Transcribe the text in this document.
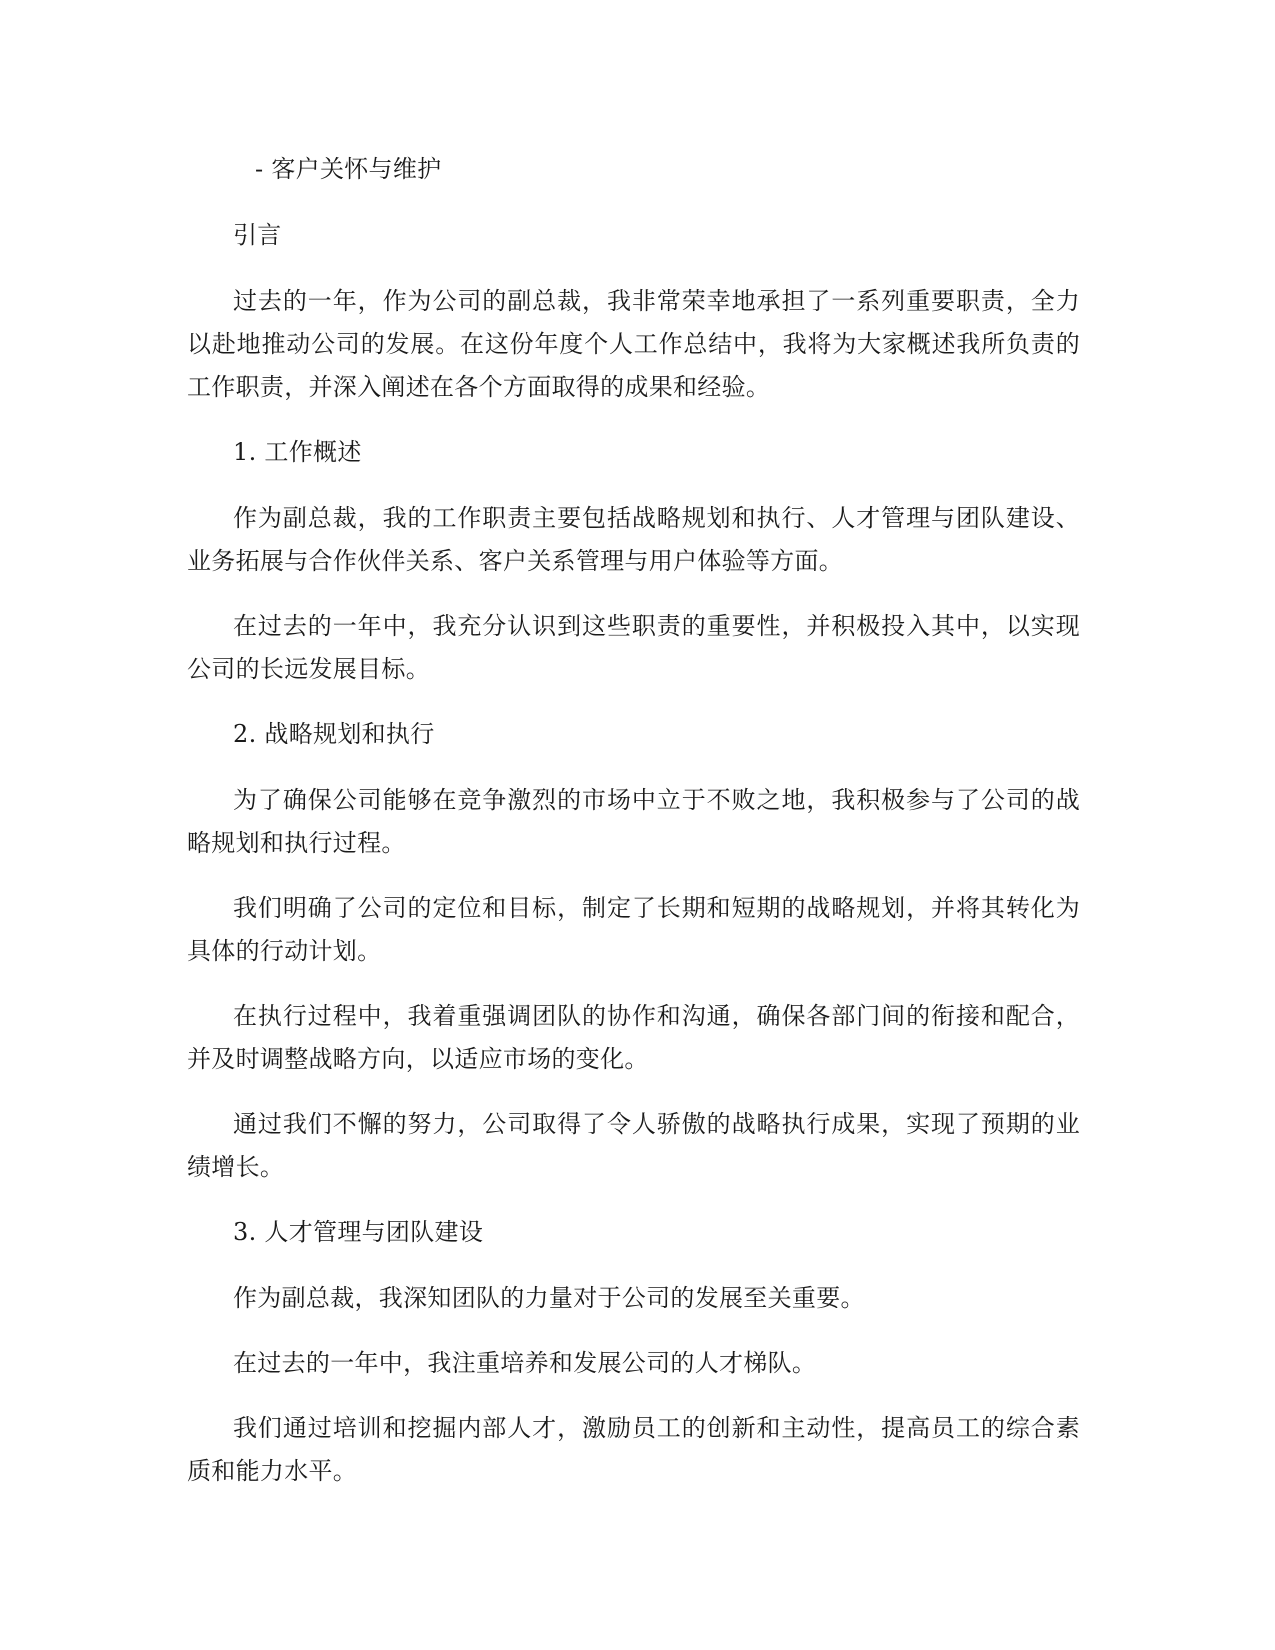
- 客户关怀与维护

引言

过去的一年，作为公司的副总裁，我非常荣幸地承担了一系列重要职责，全力以赴地推动公司的发展。在这份年度个人工作总结中，我将为大家概述我所负责的工作职责，并深入阐述在各个方面取得的成果和经验。

1. 工作概述

作为副总裁，我的工作职责主要包括战略规划和执行、人才管理与团队建设、业务拓展与合作伙伴关系、客户关系管理与用户体验等方面。

在过去的一年中，我充分认识到这些职责的重要性，并积极投入其中，以实现公司的长远发展目标。

2. 战略规划和执行

为了确保公司能够在竞争激烈的市场中立于不败之地，我积极参与了公司的战略规划和执行过程。

我们明确了公司的定位和目标，制定了长期和短期的战略规划，并将其转化为具体的行动计划。

在执行过程中，我着重强调团队的协作和沟通，确保各部门间的衔接和配合，并及时调整战略方向，以适应市场的变化。

通过我们不懈的努力，公司取得了令人骄傲的战略执行成果，实现了预期的业绩增长。

3. 人才管理与团队建设

作为副总裁，我深知团队的力量对于公司的发展至关重要。

在过去的一年中，我注重培养和发展公司的人才梯队。

我们通过培训和挖掘内部人才，激励员工的创新和主动性，提高员工的综合素质和能力水平。
